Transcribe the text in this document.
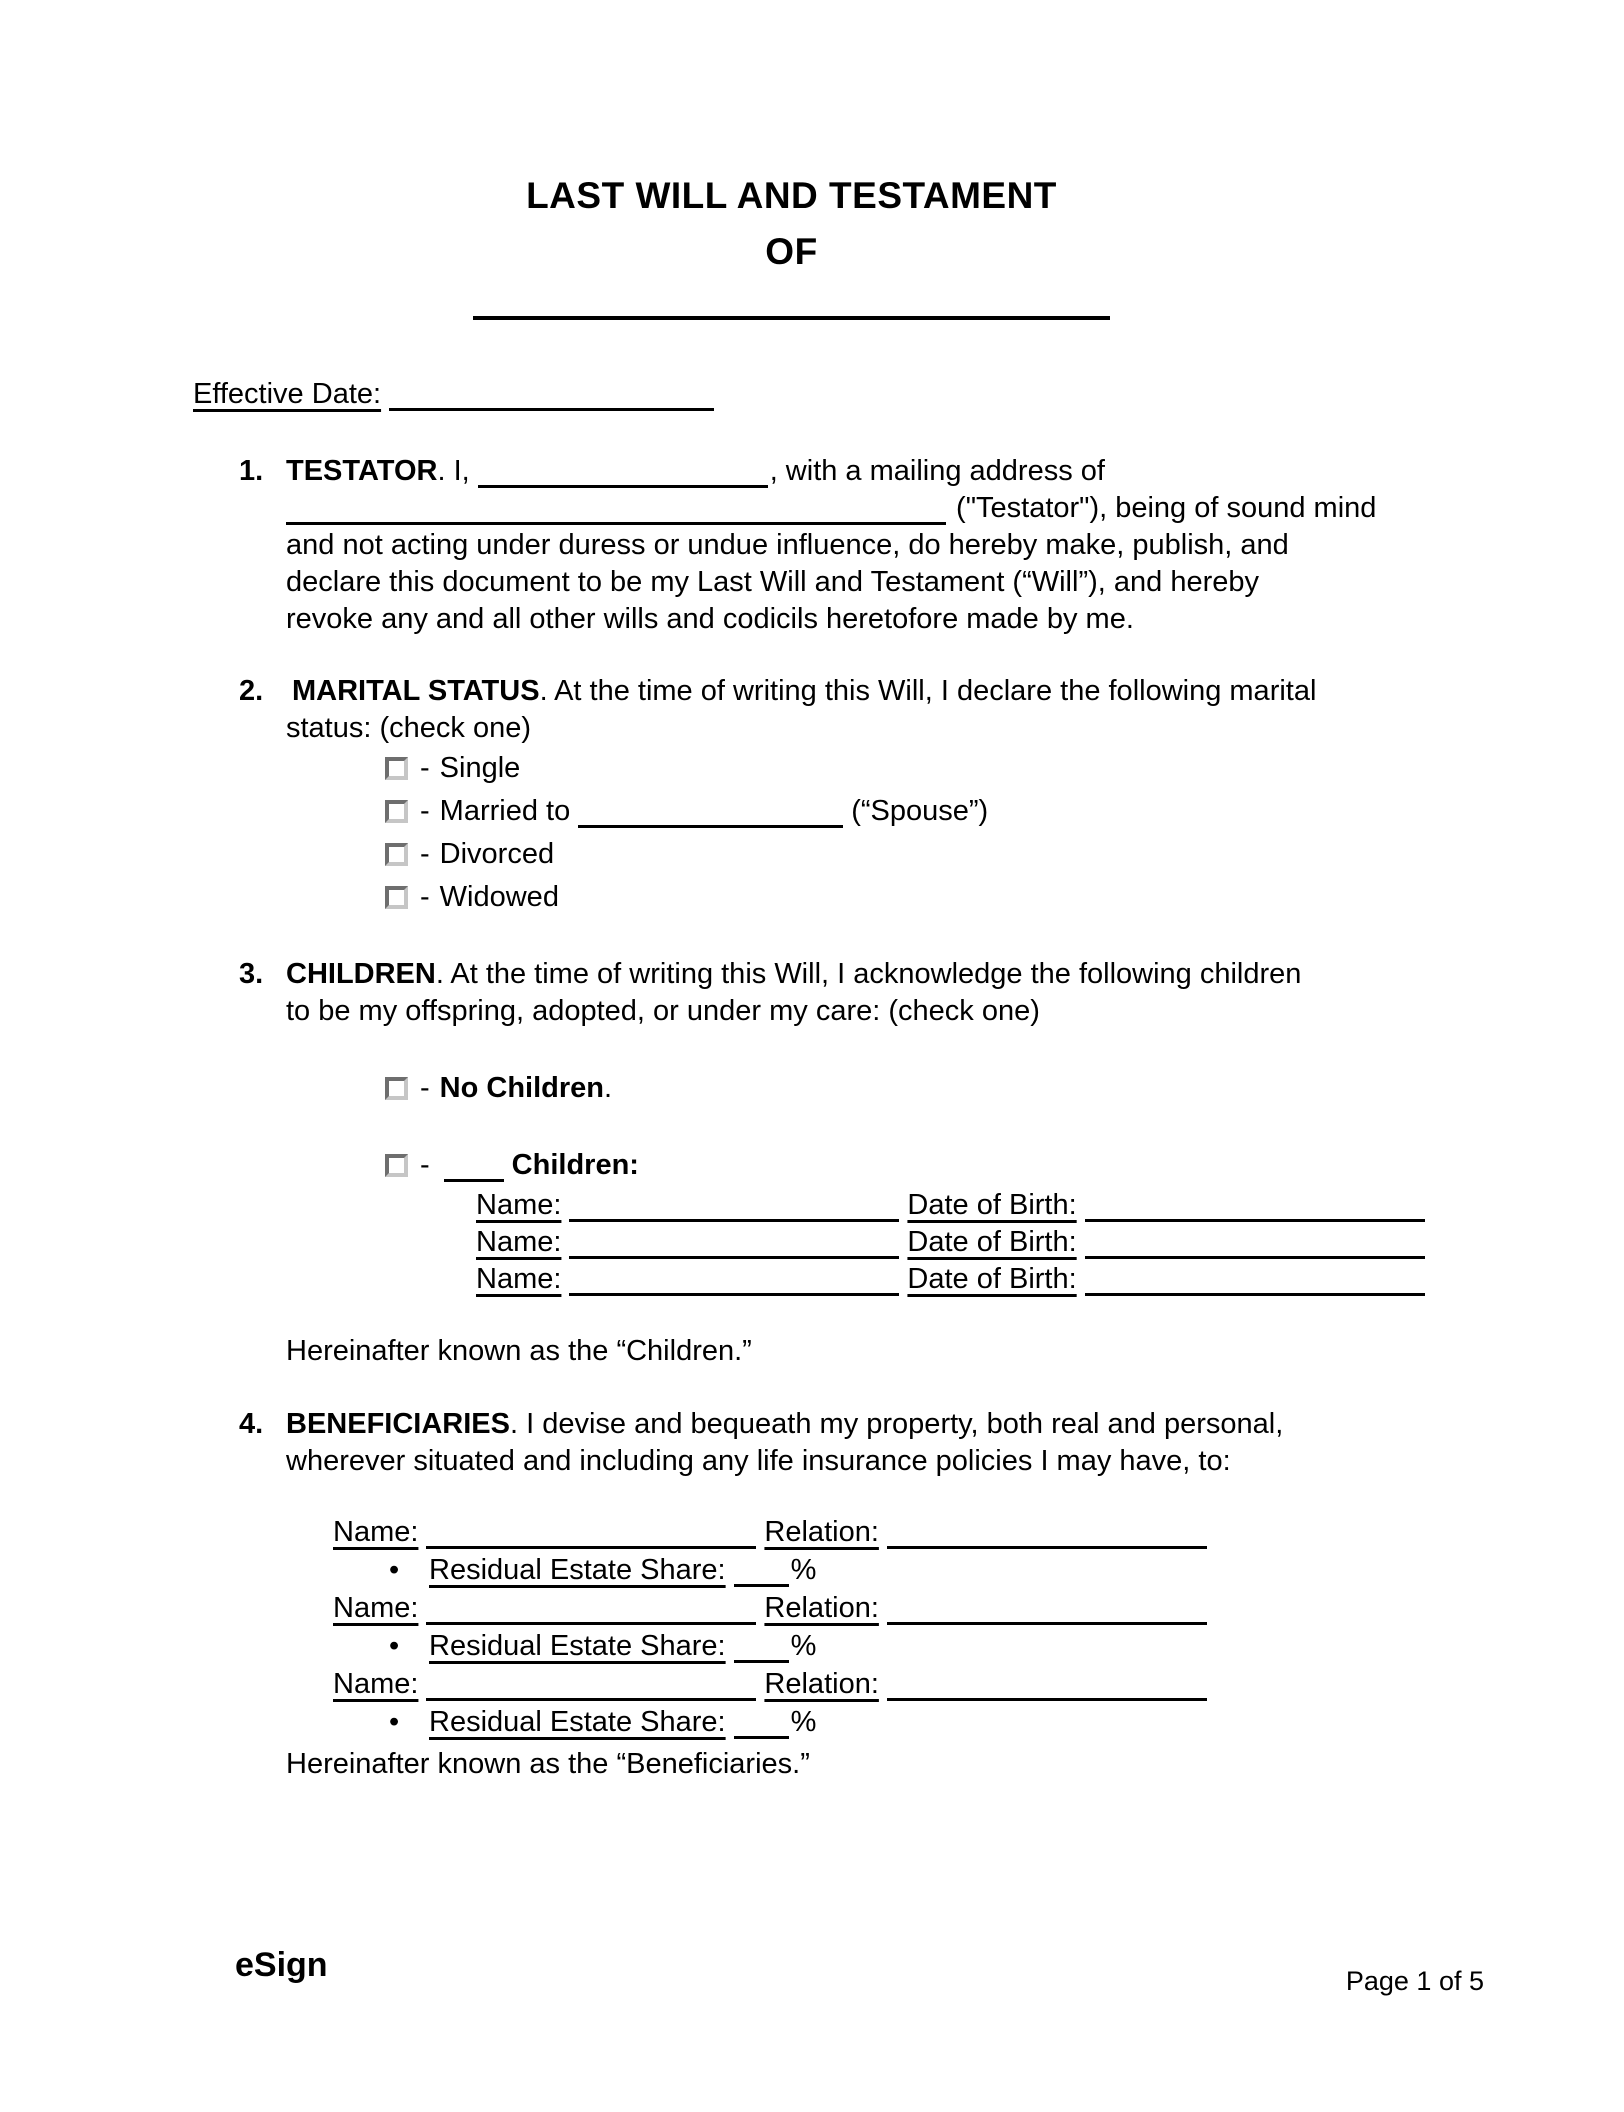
LAST WILL AND TESTAMENT
OF
Effective Date:
1. TESTATOR. I,	, with a mailing address of
("Testator"), being of sound mind
and not acting under duress or undue influence, do hereby make, publish, and
declare this document to be my Last Will and Testament (“Will”), and hereby
revoke any and all other wills and codicils heretofore made by me.
2. MARITAL STATUS. At the time of writing this Will, I declare the following marital
status: (check one)
- Single
- Married to	(“Spouse”)
- Divorced
- Widowed
3. CHILDREN. At the time of writing this Will, I acknowledge the following children
to be my offspring, adopted, or under my care: (check one)
- No Children.
-	Children:
Name:	Date of Birth:
Name:	Date of Birth:
Name:	Date of Birth:
Hereinafter known as the “Children.”
4. BENEFICIARIES. I devise and bequeath my property, both real and personal,
wherever situated and including any life insurance policies I may have, to:
Name:	Relation:
• Residual Estate Share: %
Name:	Relation:
• Residual Estate Share: %
Name:	Relation:
• Residual Estate Share: %
Hereinafter known as the “Beneficiaries.”
eSign	Page 1 of 5
